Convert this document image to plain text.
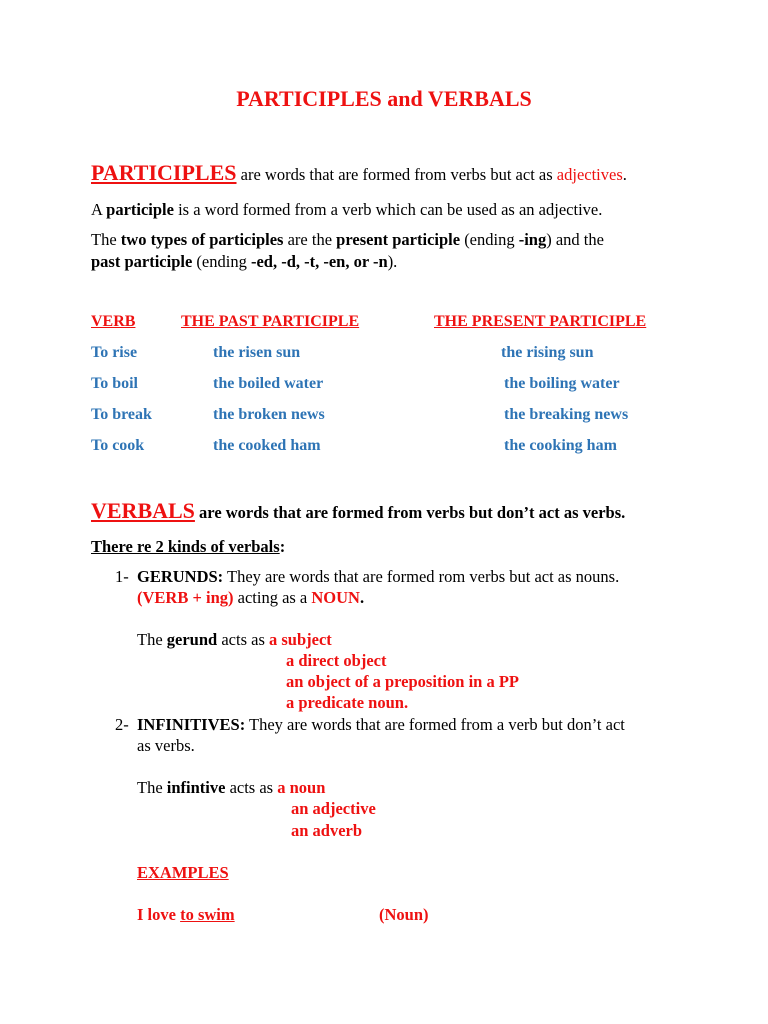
PARTICIPLES and VERBALS
PARTICIPLES are words that are formed from verbs but act as adjectives.
A participle is a word formed from a verb which can be used as an adjective.
The two types of participles are the present participle (ending -ing) and the
past participle (ending -ed, -d, -t, -en, or -n).
VERB	THE PAST PARTICIPLE	THE PRESENT PARTICIPLE
To rise	the risen sun	the rising sun
To boil	the boiled water	the boiling water
To break	the broken news	the breaking news
To cook	the cooked ham	the cooking ham
VERBALS are words that are formed from verbs but don’t act as verbs.
There re 2 kinds of verbals:
1- GERUNDS: They are words that are formed rom verbs but act as nouns.
(VERB + ing) acting as a NOUN.
The gerund acts as a subject
a direct object
an object of a preposition in a PP
a predicate noun.
2- INFINITIVES: They are words that are formed from a verb but don’t act
as verbs.
The infintive acts as a noun
an adjective
an adverb
EXAMPLES
I love to swim	(Noun)
